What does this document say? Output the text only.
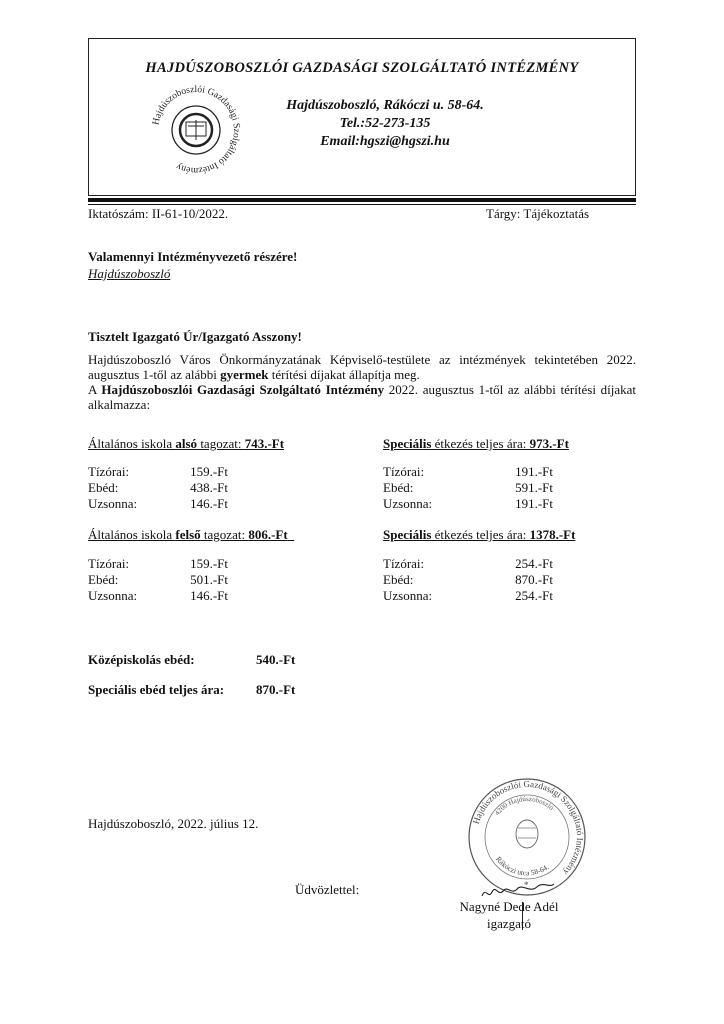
HAJDÚSZOBOSZLÓI GAZDASÁGI SZOLGÁLTATÓ INTÉZMÉNY
Hajdúszoboszlói Gazdasági Szolgáltató Intézmény
Hajdúszoboszló, Rákóczi u. 58-64.
Tel.:52-273-135
Email:hgszi@hgszi.hu
Iktatószám: II-61-10/2022.	Tárgy: Tájékoztatás
Valamennyi Intézményvezető részére!
Hajdúszoboszló
Tisztelt Igazgató Úr/Igazgató Asszony!
Hajdúszoboszló Város Önkormányzatának Képviselő-testülete az intézmények tekintetében 2022.
augusztus 1-től az alábbi gyermek térítési díjakat állapítja meg.
A Hajdúszoboszlói Gazdasági Szolgáltató Intézmény 2022. augusztus 1-től az alábbi térítési díjakat
alkalmazza:
Általános iskola alsó tagozat: 743.-Ft
Tízórai:	159.-Ft
Ebéd:	438.-Ft
Uzsonna:	146.-Ft
Általános iskola felső tagozat: 806.-Ft
Tízórai:	159.-Ft
Ebéd:	501.-Ft
Uzsonna:	146.-Ft
Speciális étkezés teljes ára: 973.-Ft
Tízórai:	191.-Ft
Ebéd:	591.-Ft
Uzsonna:	191.-Ft
Speciális étkezés teljes ára: 1378.-Ft
Tízórai:	254.-Ft
Ebéd:	870.-Ft
Uzsonna:	254.-Ft
Középiskolás ebéd:	540.-Ft
Speciális ebéd teljes ára:	870.-Ft
Hajdúszoboszló, 2022. július 12.
Üdvözlettel:
Hajdúszoboszlói Gazdasági Szolgáltató Intézmény
4200 Hajdúszoboszló
Rákóczi utca 58-64.
*
Nagyné Dede Adél
igazgató
